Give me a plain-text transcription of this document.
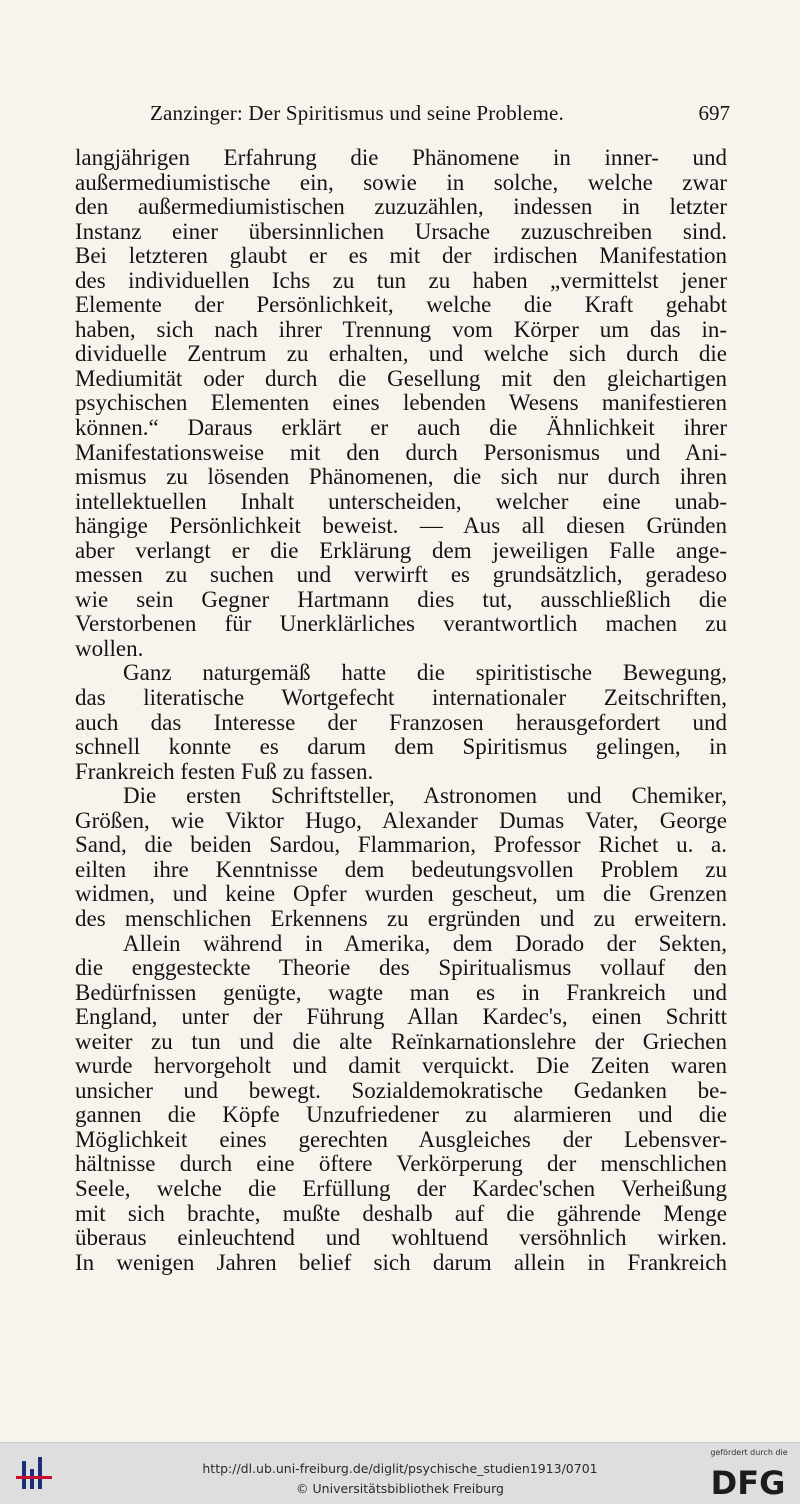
Zanzinger: Der Spiritismus und seine Probleme.	697
langjährigen Erfahrung die Phänomene in inner- und
außermediumistische ein, sowie in solche, welche zwar
den außermediumistischen zuzuzählen, indessen in letzter
Instanz einer übersinnlichen Ursache zuzuschreiben sind.
Bei letzteren glaubt er es mit der irdischen Manifestation
des individuellen Ichs zu tun zu haben „vermittelst jener
Elemente der Persönlichkeit, welche die Kraft gehabt
haben, sich nach ihrer Trennung vom Körper um das in-
dividuelle Zentrum zu erhalten, und welche sich durch die
Mediumität oder durch die Gesellung mit den gleichartigen
psychischen Elementen eines lebenden Wesens manifestieren
können.“ Daraus erklärt er auch die Ähnlichkeit ihrer
Manifestationsweise mit den durch Personismus und Ani-
mismus zu lösenden Phänomenen, die sich nur durch ihren
intellektuellen Inhalt unterscheiden, welcher eine unab-
hängige Persönlichkeit beweist. — Aus all diesen Gründen
aber verlangt er die Erklärung dem jeweiligen Falle ange-
messen zu suchen und verwirft es grundsätzlich, geradeso
wie sein Gegner Hartmann dies tut, ausschließlich die
Verstorbenen für Unerklärliches verantwortlich machen zu
wollen.
Ganz naturgemäß hatte die spiritistische Bewegung,
das literatische Wortgefecht internationaler Zeitschriften,
auch das Interesse der Franzosen herausgefordert und
schnell konnte es darum dem Spiritismus gelingen, in
Frankreich festen Fuß zu fassen.
Die ersten Schriftsteller, Astronomen und Chemiker,
Größen, wie Viktor Hugo, Alexander Dumas Vater, George
Sand, die beiden Sardou, Flammarion, Professor Richet u. a.
eilten ihre Kenntnisse dem bedeutungsvollen Problem zu
widmen, und keine Opfer wurden gescheut, um die Grenzen
des menschlichen Erkennens zu ergründen und zu erweitern.
Allein während in Amerika, dem Dorado der Sekten,
die enggesteckte Theorie des Spiritualismus vollauf den
Bedürfnissen genügte, wagte man es in Frankreich und
England, unter der Führung Allan Kardec's, einen Schritt
weiter zu tun und die alte Reïnkarnationslehre der Griechen
wurde hervorgeholt und damit verquickt. Die Zeiten waren
unsicher und bewegt. Sozialdemokratische Gedanken be-
gannen die Köpfe Unzufriedener zu alarmieren und die
Möglichkeit eines gerechten Ausgleiches der Lebensver-
hältnisse durch eine öftere Verkörperung der menschlichen
Seele, welche die Erfüllung der Kardec'schen Verheißung
mit sich brachte, mußte deshalb auf die gährende Menge
überaus einleuchtend und wohltuend versöhnlich wirken.
In wenigen Jahren belief sich darum allein in Frankreich
http://dl.ub.uni-freiburg.de/diglit/psychische_studien1913/0701
© Universitätsbibliothek Freiburg
gefördert durch die
DFG
